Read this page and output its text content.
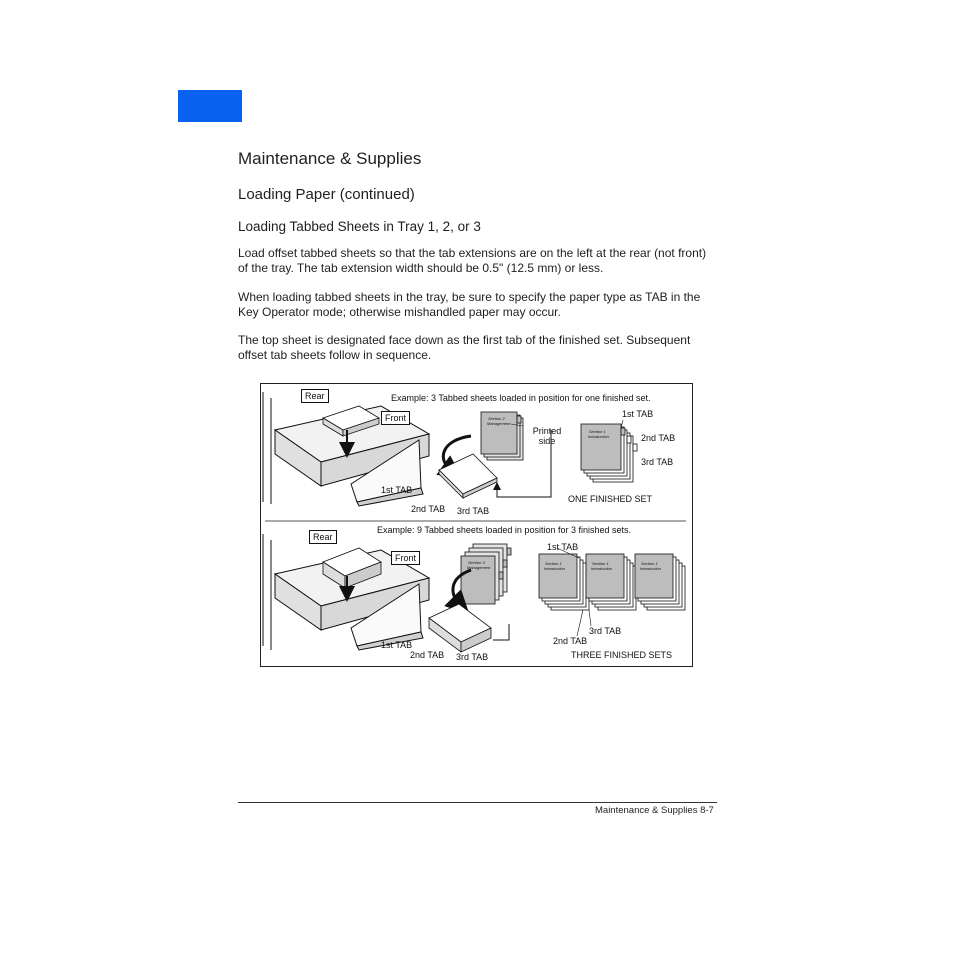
Maintenance & Supplies
Loading Paper (continued)
Loading Tabbed Sheets in Tray 1, 2, or 3

Load offset tabbed sheets so that the tab extensions are on the left at the rear (not front) of the tray. The tab extension width should be 0.5" (12.5 mm) or less.

When loading tabbed sheets in the tray, be sure to specify the paper type as TAB in the Key Operator mode; otherwise mishandled paper may occur.

The top sheet is designated face down as the first tab of the finished set. Subsequent offset tab sheets follow in sequence.

Rear	Example: 3 Tabbed sheets loaded in position for one finished set.
Front	Section 2
Management
Printed side
1st TAB
2nd TAB
3rd TAB
Section 1
Introduction
1st TAB
2nd TAB 3rd TAB
ONE FINISHED SET
Example: 9 Tabbed sheets loaded in position for 3 finished sets.
Rear
Front	Section 3
Management
1st TAB
Section 1
Introduction
Section 1
Introduction
Section 1
Introduction
3rd TAB
2nd TAB
1st TAB
2nd TAB 3rd TAB	THREE FINISHED SETS
Maintenance & Supplies 8-7
